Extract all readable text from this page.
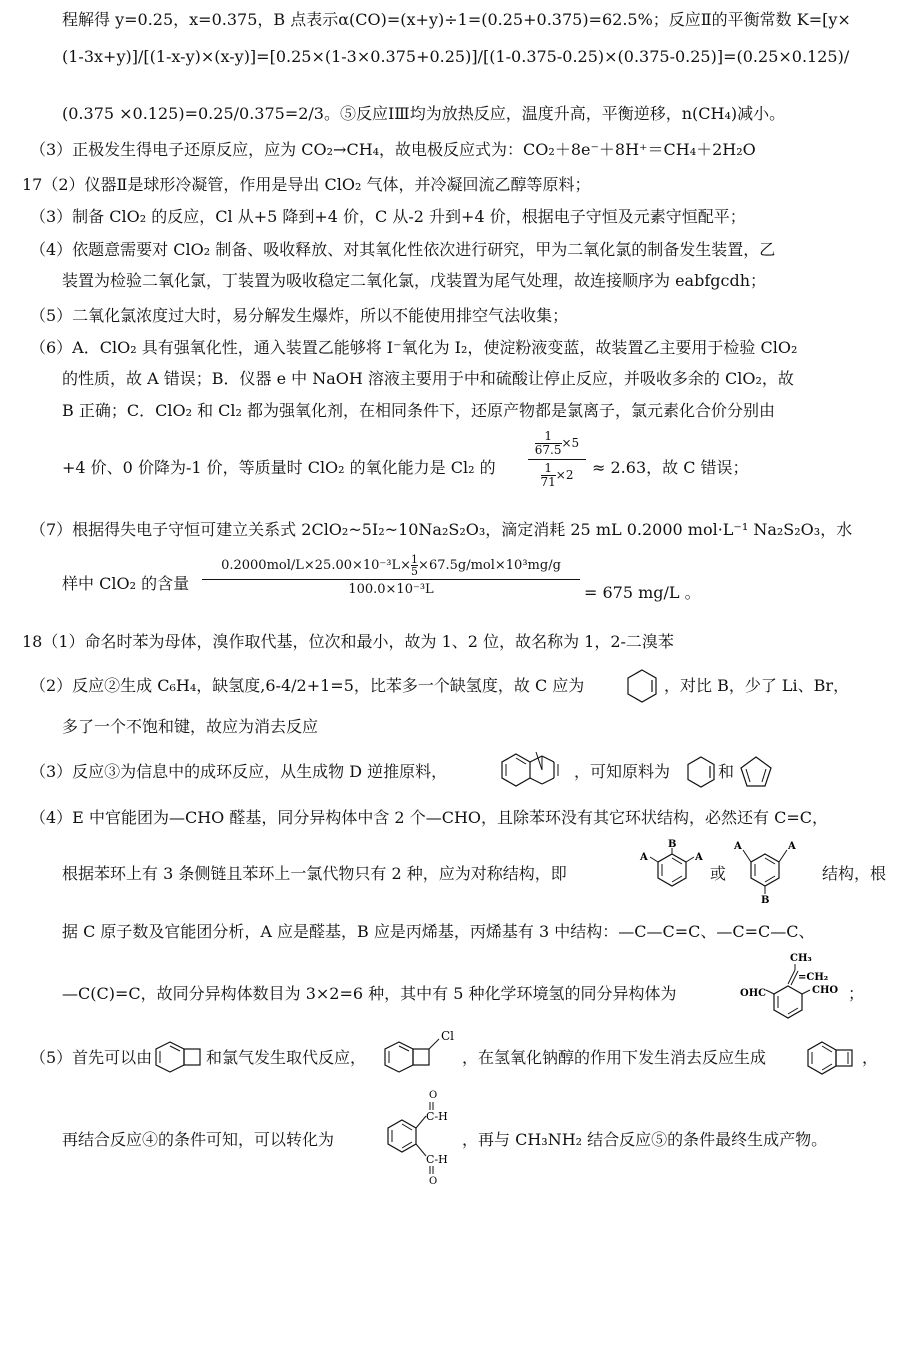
程解得 y=0.25，x=0.375，B 点表示α(CO)=(x+y)÷1=(0.25+0.375)=62.5%；反应Ⅱ的平衡常数 K=[y×
(1-3x+y)]/[(1-x-y)×(x-y)]=[0.25×(1-3×0.375+0.25)]/[(1-0.375-0.25)×(0.375-0.25)]=(0.25×0.125)/
(0.375 ×0.125)=0.25/0.375=2/3。⑤反应ⅠⅢ均为放热反应，温度升高，平衡逆移，n(CH₄)减小。
（3）正极发生得电子还原反应，应为 CO₂→CH₄，故电极反应式为：CO₂＋8e⁻＋8H⁺＝CH₄＋2H₂O
17（2）仪器Ⅱ是球形冷凝管，作用是导出 ClO₂ 气体，并冷凝回流乙醇等原料；
（3）制备 ClO₂ 的反应，Cl 从+5 降到+4 价，C 从-2 升到+4 价，根据电子守恒及元素守恒配平；
（4）依题意需要对 ClO₂ 制备、吸收释放、对其氧化性依次进行研究，甲为二氧化氯的制备发生装置，乙
装置为检验二氧化氯，丁装置为吸收稳定二氧化氯，戊装置为尾气处理，故连接顺序为 eabfgcdh；
（5）二氧化氯浓度过大时，易分解发生爆炸，所以不能使用排空气法收集；
（6）A．ClO₂ 具有强氧化性，通入装置乙能够将 I⁻氧化为 I₂，使淀粉液变蓝，故装置乙主要用于检验 ClO₂
的性质，故 A 错误；B．仪器 e 中 NaOH 溶液主要用于中和硫酸让停止反应，并吸收多余的 ClO₂，故
B 正确；C．ClO₂ 和 Cl₂ 都为强氧化剂，在相同条件下，还原产物都是氯离子，氯元素化合价分别由
+4 价、0 价降为-1 价，等质量时 ClO₂ 的氧化能力是 Cl₂ 的
$\frac{1}{67.5} \times 5$
$\frac{1}{71} \times 2$	≈ 2.63，故 C 错误；
（7）根据得失电子守恒可建立关系式 2ClO₂~5I₂~10Na₂S₂O₃，滴定消耗 25 mL 0.2000 mol·L⁻¹ Na₂S₂O₃，水
样中 ClO₂ 的含量
$0.2000mol/L\times 25.00\times 10^{-3}L\times \frac{1}{5} \times 67.5g/mol\times 10^3mg/g$
100.0×10⁻³L	= 675 mg/L 。
18（1）命名时苯为母体，溴作取代基，位次和最小，故为 1、2 位，故名称为 1，2-二溴苯
（2）反应②生成 C₆H₄，缺氢度,6-4/2+1=5，比苯多一个缺氢度，故 C 应为	，对比 B，少了 Li、Br，
多了一个不饱和键，故应为消去反应
（3）反应③为信息中的成环反应，从生成物 D 逆推原料，	，可知原料为	和
（4）E 中官能团为—CHO 醛基，同分异构体中含 2 个—CHO，且除苯环没有其它环状结构，必然还有 C=C，
根据苯环上有 3 条侧链且苯环上一氯代物只有 2 种，应为对称结构，即
B
A	A
或
A	A
B
结构，根
据 C 原子数及官能团分析，A 应是醛基，B 应是丙烯基，丙烯基有 3 中结构：—C—C=C、—C=C—C、
—C(C)=C，故同分异构体数目为 3×2=6 种，其中有 5 种化学环境氢的同分异构体为
CH₃
=CH₂
OHC	CHO ；
（5）首先可以由	和氯气发生取代反应，
Cl
，在氢氧化钠醇的作用下发生消去反应生成	，
再结合反应④的条件可知，可以转化为
O
C-H
C-H
O
，再与 CH₃NH₂ 结合反应⑤的条件最终生成产物。
